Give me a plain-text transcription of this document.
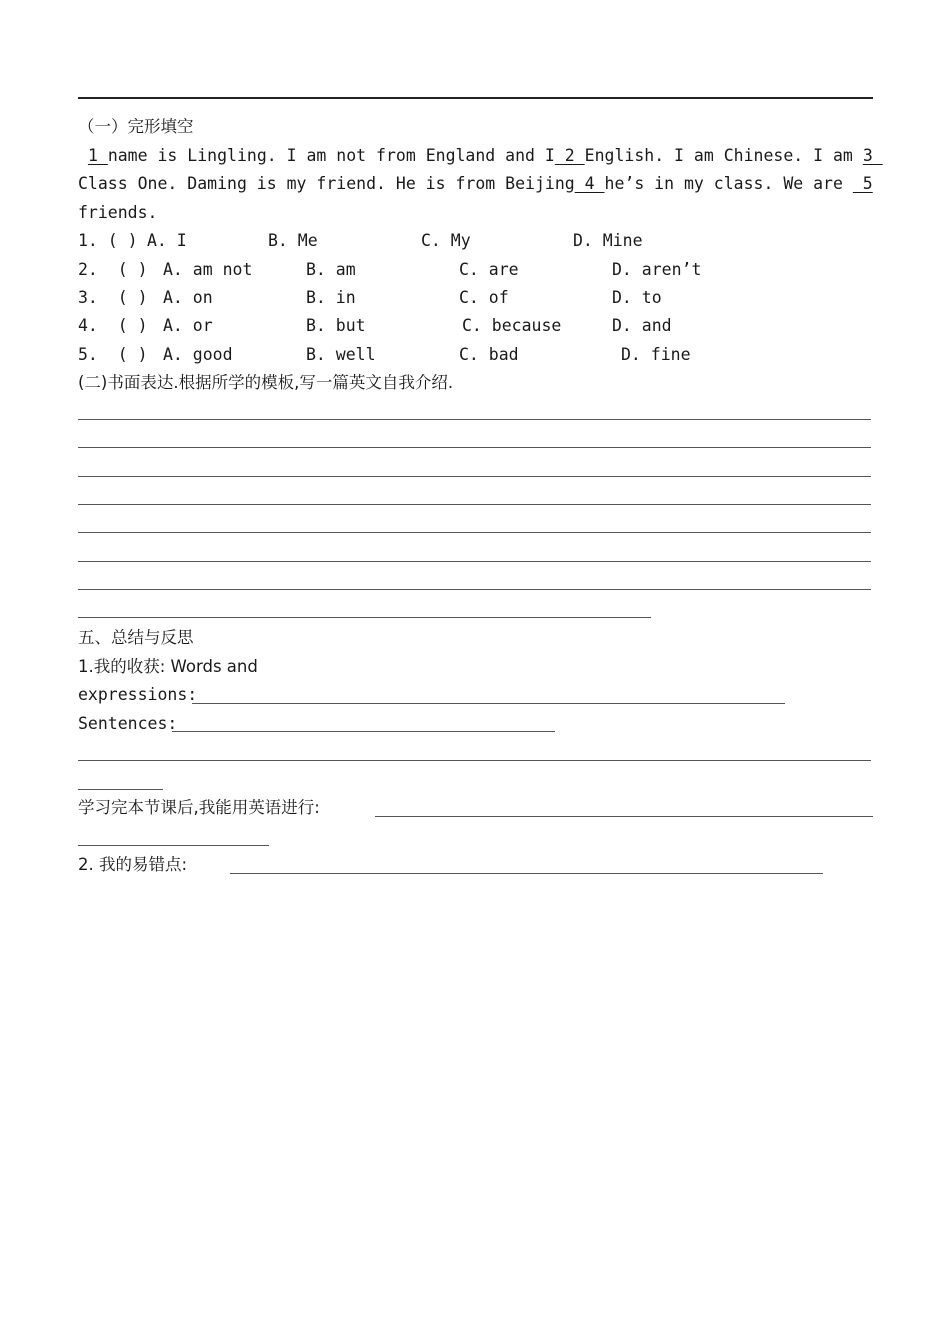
（一）完形填空
1 name is Lingling. I am not from England and I 2 English. I am Chinese. I am 3
Class One. Daming is my friend. He is from Beijing 4 he’s in my class. We are  5
friends.
1. ( ) A. I	B. Me	C. My	D. Mine
2.  ( ) A. am not	B. am	C. are	D. aren’t
3.  ( ) A. on	B. in	C. of	D. to
4.  ( ) A. or	B. but	C. because	D. and
5.  ( ) A. good	B. well	C. bad	D. fine
(二)书面表达.根据所学的模板,写一篇英文自我介绍.
五、总结与反思
1.我的收获: Words and
expressions:
Sentences:
学习完本节课后,我能用英语进行:
2. 我的易错点:
